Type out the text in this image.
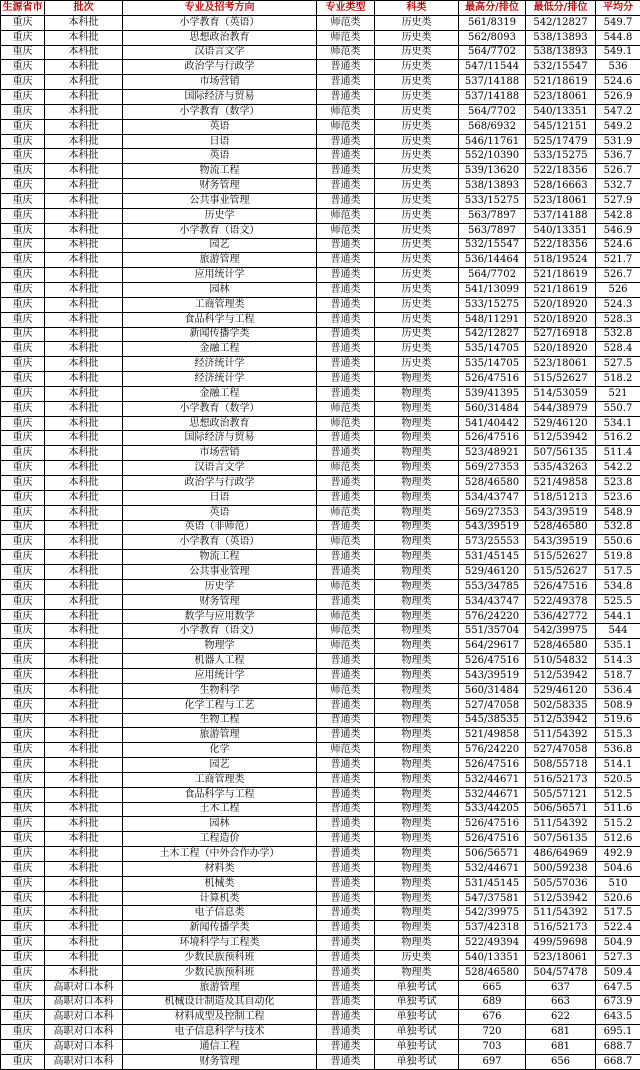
生源省市	批次	专业及招考方向	专业类型	科类	最高分/排位	最低分/排位	平均分
重庆	本科批	小学教育（英语）	师范类	历史类	561/8319	542/12827	549.7
重庆	本科批	思想政治教育	师范类	历史类	562/8093	538/13893	544.8
重庆	本科批	汉语言文学	师范类	历史类	564/7702	538/13893	549.1
重庆	本科批	政治学与行政学	普通类	历史类	547/11544	532/15547	536
重庆	本科批	市场营销	普通类	历史类	537/14188	521/18619	524.6
重庆	本科批	国际经济与贸易	普通类	历史类	537/14188	523/18061	526.9
重庆	本科批	小学教育（数学）	师范类	历史类	564/7702	540/13351	547.2
重庆	本科批	英语	师范类	历史类	568/6932	545/12151	549.2
重庆	本科批	日语	普通类	历史类	546/11761	525/17479	531.9
重庆	本科批	英语	普通类	历史类	552/10390	533/15275	536.7
重庆	本科批	物流工程	普通类	历史类	539/13620	522/18356	526.7
重庆	本科批	财务管理	普通类	历史类	538/13893	528/16663	532.7
重庆	本科批	公共事业管理	普通类	历史类	533/15275	523/18061	527.9
重庆	本科批	历史学	师范类	历史类	563/7897	537/14188	542.8
重庆	本科批	小学教育（语文）	师范类	历史类	563/7897	540/13351	546.9
重庆	本科批	园艺	普通类	历史类	532/15547	522/18356	524.6
重庆	本科批	旅游管理	普通类	历史类	536/14464	518/19524	521.7
重庆	本科批	应用统计学	普通类	历史类	564/7702	521/18619	526.7
重庆	本科批	园林	普通类	历史类	541/13099	521/18619	526
重庆	本科批	工商管理类	普通类	历史类	533/15275	520/18920	524.3
重庆	本科批	食品科学与工程	普通类	历史类	548/11291	520/18920	528.3
重庆	本科批	新闻传播学类	普通类	历史类	542/12827	527/16918	532.8
重庆	本科批	金融工程	普通类	历史类	535/14705	520/18920	528.4
重庆	本科批	经济统计学	普通类	历史类	535/14705	523/18061	527.5
重庆	本科批	经济统计学	普通类	物理类	526/47516	515/52627	518.2
重庆	本科批	金融工程	普通类	物理类	539/41395	514/53059	521
重庆	本科批	小学教育（数学）	师范类	物理类	560/31484	544/38979	550.7
重庆	本科批	思想政治教育	师范类	物理类	541/40442	529/46120	534.1
重庆	本科批	国际经济与贸易	普通类	物理类	526/47516	512/53942	516.2
重庆	本科批	市场营销	普通类	物理类	523/48921	507/56135	511.4
重庆	本科批	汉语言文学	师范类	物理类	569/27353	535/43263	542.2
重庆	本科批	政治学与行政学	普通类	物理类	528/46580	521/49858	523.8
重庆	本科批	日语	普通类	物理类	534/43747	518/51213	523.6
重庆	本科批	英语	师范类	物理类	569/27353	543/39519	548.9
重庆	本科批	英语（非师范）	普通类	物理类	543/39519	528/46580	532.8
重庆	本科批	小学教育（英语）	师范类	物理类	573/25553	543/39519	550.6
重庆	本科批	物流工程	普通类	物理类	531/45145	515/52627	519.8
重庆	本科批	公共事业管理	普通类	物理类	529/46120	515/52627	517.5
重庆	本科批	历史学	师范类	物理类	553/34785	526/47516	534.8
重庆	本科批	财务管理	普通类	物理类	534/43747	522/49378	525.5
重庆	本科批	数学与应用数学	师范类	物理类	576/24220	536/42772	544.1
重庆	本科批	小学教育（语文）	师范类	物理类	551/35704	542/39975	544
重庆	本科批	物理学	师范类	物理类	564/29617	528/46580	535.1
重庆	本科批	机器人工程	普通类	物理类	526/47516	510/54832	514.3
重庆	本科批	应用统计学	普通类	物理类	543/39519	512/53942	518.7
重庆	本科批	生物科学	师范类	物理类	560/31484	529/46120	536.4
重庆	本科批	化学工程与工艺	普通类	物理类	527/47058	502/58335	508.9
重庆	本科批	生物工程	普通类	物理类	545/38535	512/53942	519.6
重庆	本科批	旅游管理	普通类	物理类	521/49858	511/54392	515.3
重庆	本科批	化学	师范类	物理类	576/24220	527/47058	536.8
重庆	本科批	园艺	普通类	物理类	526/47516	508/55718	514.1
重庆	本科批	工商管理类	普通类	物理类	532/44671	516/52173	520.5
重庆	本科批	食品科学与工程	普通类	物理类	532/44671	505/57121	512.5
重庆	本科批	土木工程	普通类	物理类	533/44205	506/56571	511.6
重庆	本科批	园林	普通类	物理类	526/47516	511/54392	515.2
重庆	本科批	工程造价	普通类	物理类	526/47516	507/56135	512.6
重庆	本科批	土木工程（中外合作办学）	普通类	物理类	506/56571	486/64969	492.9
重庆	本科批	材料类	普通类	物理类	532/44671	500/59238	504.6
重庆	本科批	机械类	普通类	物理类	531/45145	505/57036	510
重庆	本科批	计算机类	普通类	物理类	547/37581	512/53942	520.6
重庆	本科批	电子信息类	普通类	物理类	542/39975	511/54392	517.5
重庆	本科批	新闻传播学类	普通类	物理类	537/42318	516/52173	522.4
重庆	本科批	环境科学与工程类	普通类	物理类	522/49394	499/59698	504.9
重庆	本科批	少数民族预科班	普通类	历史类	540/13351	523/18061	527.3
重庆	本科批	少数民族预科班	普通类	物理类	528/46580	504/57478	509.4
重庆	高职对口本科	旅游管理	普通类	单独考试	665	637	647.5
重庆	高职对口本科	机械设计制造及其自动化	普通类	单独考试	689	663	673.9
重庆	高职对口本科	材料成型及控制工程	普通类	单独考试	676	622	643.5
重庆	高职对口本科	电子信息科学与技术	普通类	单独考试	720	681	695.1
重庆	高职对口本科	通信工程	普通类	单独考试	703	681	688.7
重庆	高职对口本科	财务管理	普通类	单独考试	697	656	668.7
